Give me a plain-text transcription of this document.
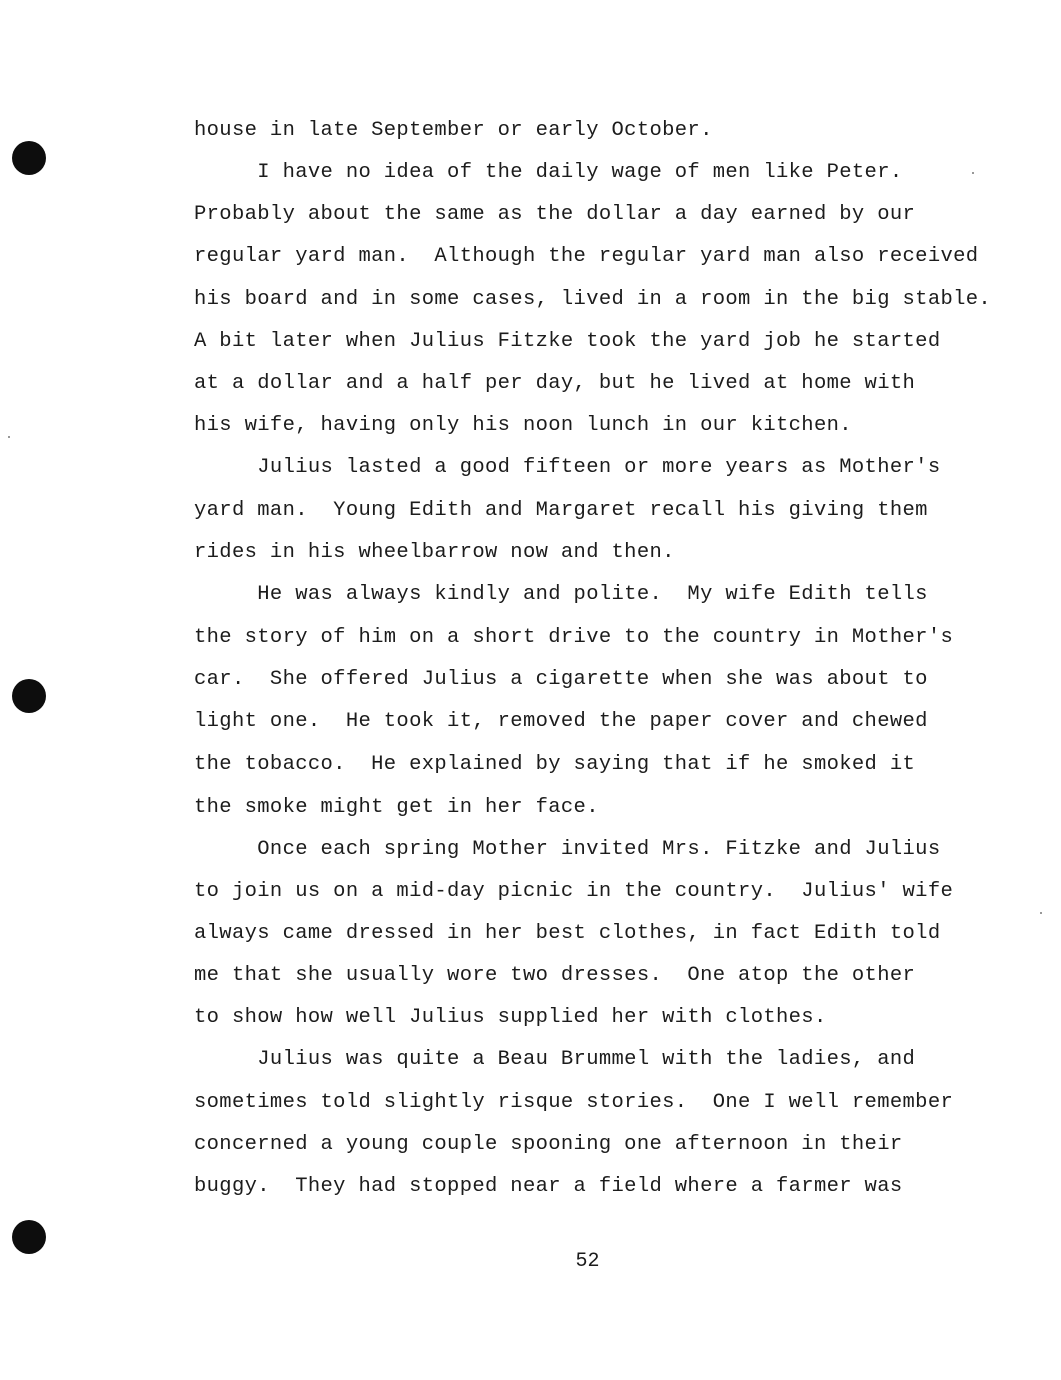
house in late September or early October.
I have no idea of the daily wage of men like Peter.
Probably about the same as the dollar a day earned by our
regular yard man.  Although the regular yard man also received
his board and in some cases, lived in a room in the big stable.
A bit later when Julius Fitzke took the yard job he started
at a dollar and a half per day, but he lived at home with
his wife, having only his noon lunch in our kitchen.
Julius lasted a good fifteen or more years as Mother's
yard man.  Young Edith and Margaret recall his giving them
rides in his wheelbarrow now and then.
He was always kindly and polite.  My wife Edith tells
the story of him on a short drive to the country in Mother's
car.  She offered Julius a cigarette when she was about to
light one.  He took it, removed the paper cover and chewed
the tobacco.  He explained by saying that if he smoked it
the smoke might get in her face.
Once each spring Mother invited Mrs. Fitzke and Julius
to join us on a mid-day picnic in the country.  Julius' wife
always came dressed in her best clothes, in fact Edith told
me that she usually wore two dresses.  One atop the other
to show how well Julius supplied her with clothes.
Julius was quite a Beau Brummel with the ladies, and
sometimes told slightly risque stories.  One I well remember
concerned a young couple spooning one afternoon in their
buggy.  They had stopped near a field where a farmer was
52
